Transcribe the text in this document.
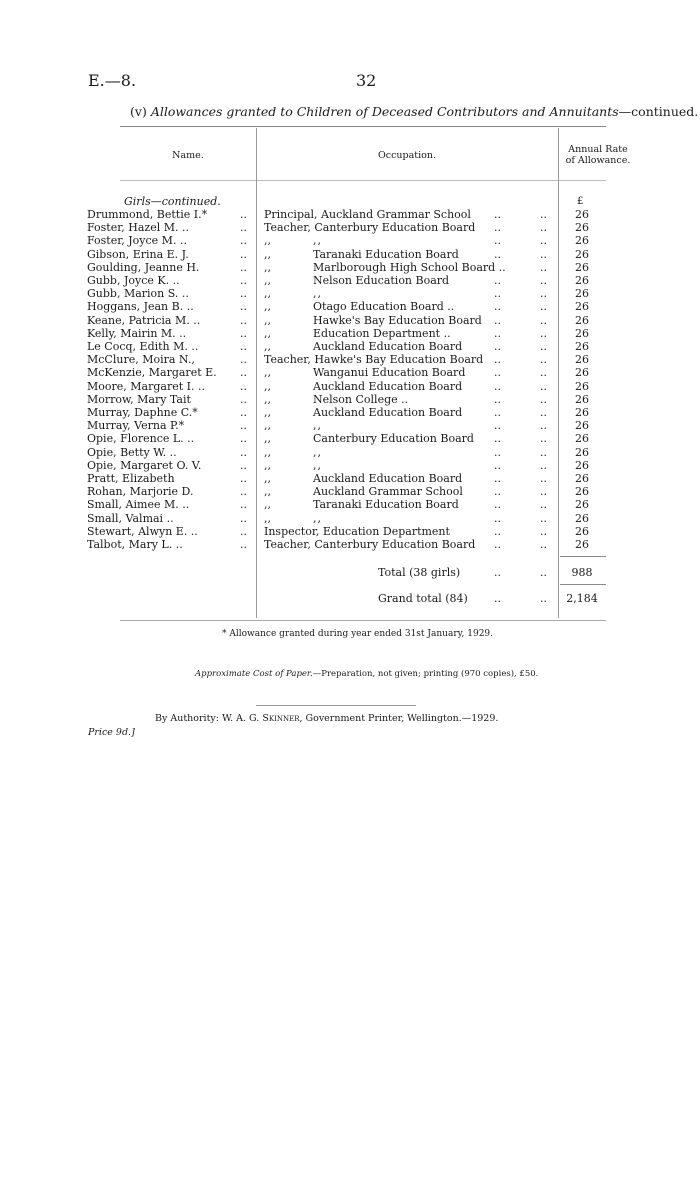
E.—8.	32
(v) Allowances granted to Children of Deceased Contributors and Annuitants—continued.
Name.	Occupation.
Annual Rate
of Allowance.
£
Girls—continued.
Drummond, Bettie I.*	.. Principal, Auckland Grammar School ..	..	26
Foster, Hazel M. ..	.. Teacher, Canterbury Education Board ..	..	26
Foster, Joyce M. ..	.. ,,	,,	..	..	26
Gibson, Erina E. J.	.. ,,	Taranaki Education Board	..	..	26
Goulding, Jeanne H.	.. ,,	Marlborough High School Board ..	..	26
Gubb, Joyce K. ..	.. ,,	Nelson Education Board	..	..	26
Gubb, Marion S. ..	.. ,,	,,	..	..	26
Hoggans, Jean B. ..	.. ,,	Otago Education Board ..	..	..	26
Keane, Patricia M. ..	.. ,,	Hawke's Bay Education Board ..	..	26
Kelly, Mairin M. ..	.. ,,	Education Department ..	..	..	26
Le Cocq, Edith M. ..	.. ,,	Auckland Education Board	..	..	26
McClure, Moira N.,	.. Teacher, Hawke's Bay Education Board ..	..	26
McKenzie, Margaret E. .. ,,	Wanganui Education Board	..	..	26
Moore, Margaret I. ..	.. ,,	Auckland Education Board	..	..	26
Morrow, Mary Tait	.. ,,	Nelson College ..	..	..	26
Murray, Daphne C.*	.. ,,	Auckland Education Board	..	..	26
Murray, Verna P.*	.. ,,	,,	..	..	26
Opie, Florence L. ..	.. ,,	Canterbury Education Board ..	..	26
Opie, Betty W. ..	.. ,,	,,	..	..	26
Opie, Margaret O. V.	.. ,,	,,	..	..	26
Pratt, Elizabeth	.. ,,	Auckland Education Board	..	..	26
Rohan, Marjorie D.	.. ,,	Auckland Grammar School	..	..	26
Small, Aimee M. ..	.. ,,	Taranaki Education Board	..	..	26
Small, Valmai ..	.. ,,	,,	..	..	26
Stewart, Alwyn E. ..	.. Inspector, Education Department	..	..	26
Talbot, Mary L. ..	.. Teacher, Canterbury Education Board ..	..	26
Total (38 girls)	..	..	988
Grand total (84) ..	..	2,184
* Allowance granted during year ended 31st January, 1929.
Approximate Cost of Paper.—Preparation, not given; printing (970 copies), £50.
By Authority: W. A. G. Skinner, Government Printer, Wellington.—1929.
Price 9d.]
